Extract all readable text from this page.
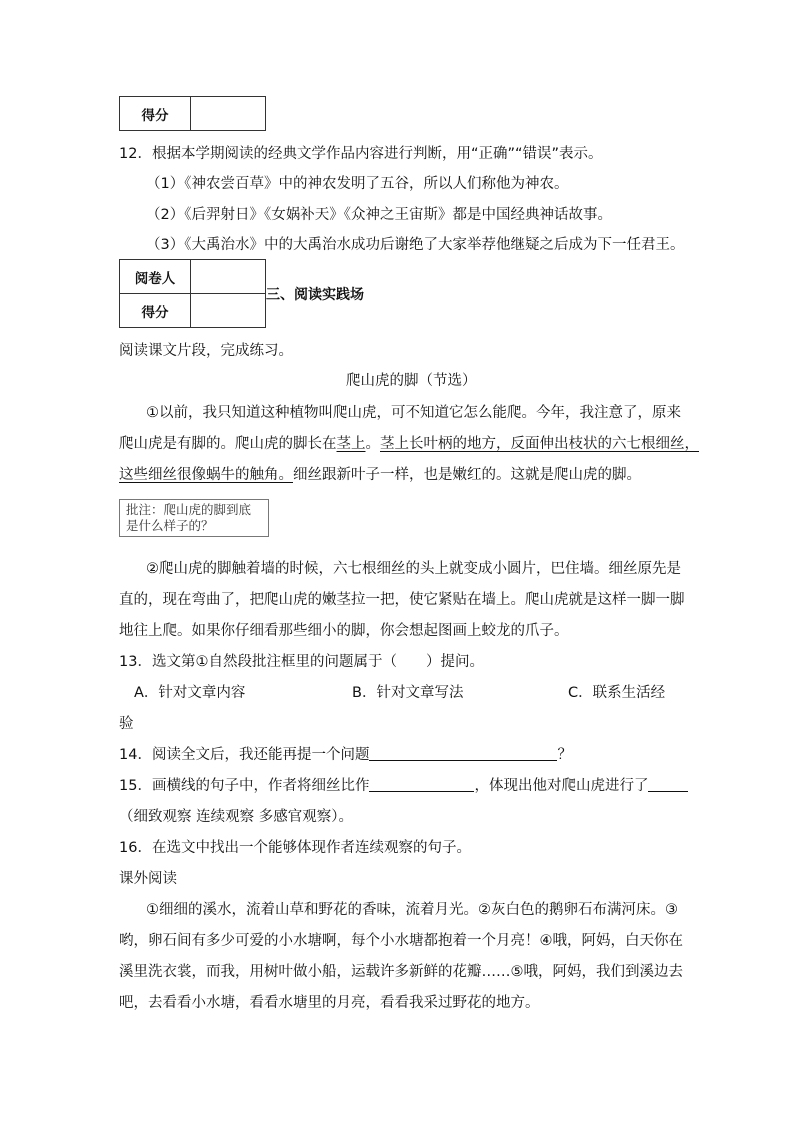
得分	
12．根据本学期阅读的经典文学作品内容进行判断，用“正确”“错误”表示。
（1）《神农尝百草》中的神农发明了五谷，所以人们称他为神农。
（2）《后羿射日》《女娲补天》《众神之王宙斯》都是中国经典神话故事。
（3）《大禹治水》中的大禹治水成功后谢绝了大家举荐他继疑之后成为下一任君王。
阅卷人	
得分	
三、阅读实践场
阅读课文片段，完成练习。
爬山虎的脚（节选）
①以前，我只知道这种植物叫爬山虎，可不知道它怎么能爬。今年，我注意了，原来
爬山虎是有脚的。爬山虎的脚长在茎上。茎上长叶柄的地方，反面伸出枝状的六七根细丝，
这些细丝很像蜗牛的触角。细丝跟新叶子一样，也是嫩红的。这就是爬山虎的脚。
批注：爬山虎的脚到底是什么样子的？
②爬山虎的脚触着墙的时候，六七根细丝的头上就变成小圆片，巴住墙。细丝原先是
直的，现在弯曲了，把爬山虎的嫩茎拉一把，使它紧贴在墙上。爬山虎就是这样一脚一脚
地往上爬。如果你仔细看那些细小的脚，你会想起图画上蛟龙的爪子。
13．选文第①自然段批注框里的问题属于（　　）提问。
A．针对文章内容	B．针对文章写法	C．联系生活经
验
14．阅读全文后，我还能再提一个问题	？
15．画横线的句子中，作者将细丝比作	，体现出他对爬山虎进行了
（细致观察 连续观察 多感官观察）。
16．在选文中找出一个能够体现作者连续观察的句子。
课外阅读
①细细的溪水，流着山草和野花的香味，流着月光。②灰白色的鹅卵石布满河床。③
哟，卵石间有多少可爱的小水塘啊，每个小水塘都抱着一个月亮！④哦，阿妈，白天你在
溪里洗衣裳，而我，用树叶做小船，运载许多新鲜的花瓣……⑤哦，阿妈，我们到溪边去
吧，去看看小水塘，看看水塘里的月亮，看看我采过野花的地方。
